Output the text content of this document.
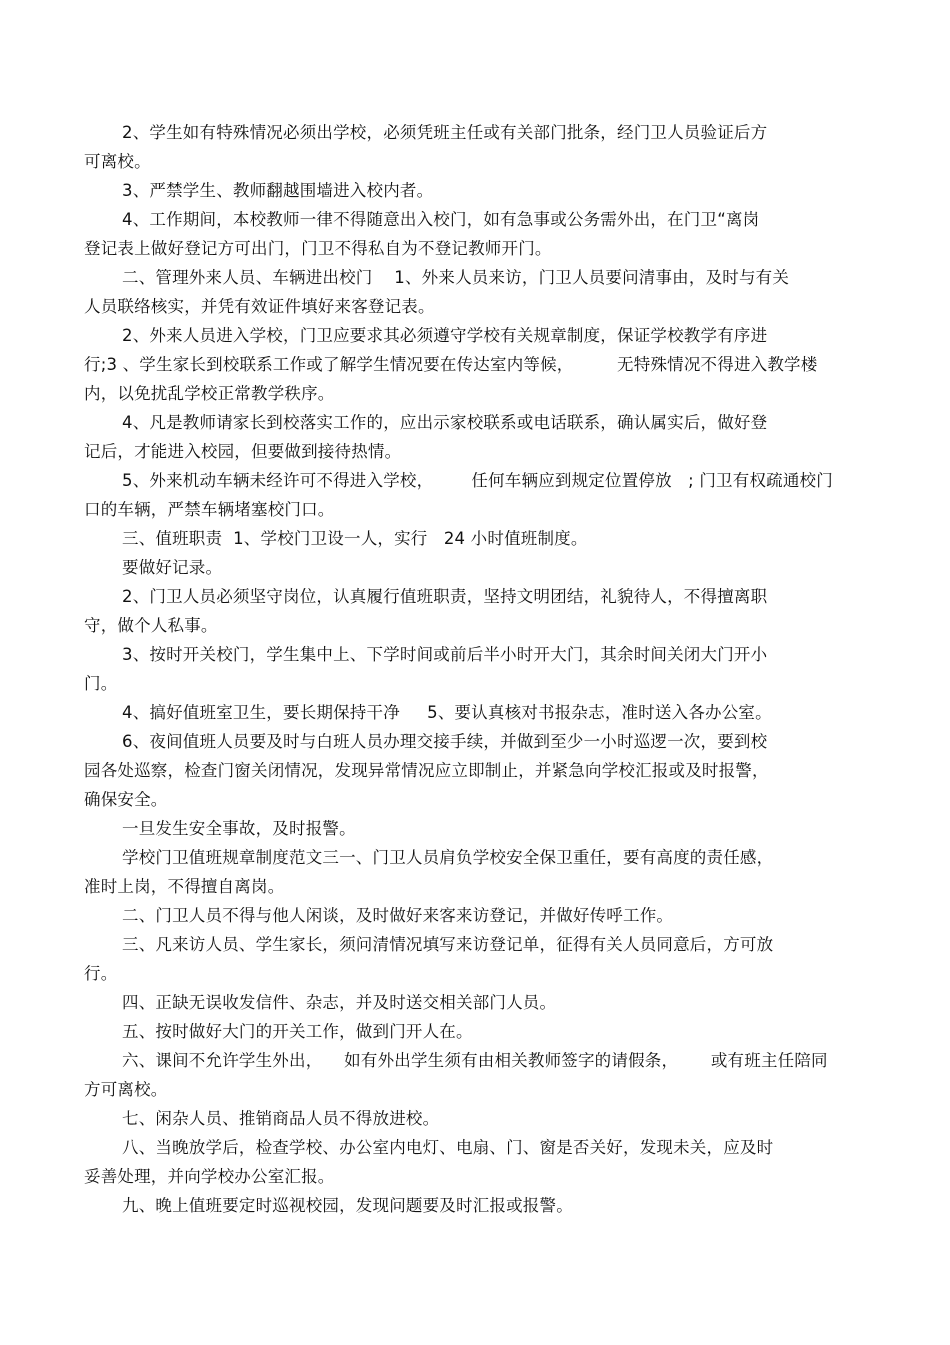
2、学生如有特殊情况必须出学校，必须凭班主任或有关部门批条，经门卫人员验证后方
可离校。
3、严禁学生、教师翻越围墙进入校内者。
4、工作期间，本校教师一律不得随意出入校门，如有急事或公务需外出，在门卫“离岗
登记表上做好登记方可出门，门卫不得私自为不登记教师开门。
二、管理外来人员、车辆进出校门    1、外来人员来访，门卫人员要问清事由，及时与有关
人员联络核实，并凭有效证件填好来客登记表。
2、外来人员进入学校，门卫应要求其必须遵守学校有关规章制度，保证学校教学有序进
行;3 、学生家长到校联系工作或了解学生情况要在传达室内等候，        无特殊情况不得进入教学楼
内，以免扰乱学校正常教学秩序。
4、凡是教师请家长到校落实工作的，应出示家校联系或电话联系，确认属实后，做好登
记后，才能进入校园，但要做到接待热情。
5、外来机动车辆未经许可不得进入学校，       任何车辆应到规定位置停放   ; 门卫有权疏通校门
口的车辆，严禁车辆堵塞校门口。
三、值班职责  1、学校门卫设一人，实行   24 小时值班制度。
要做好记录。
2、门卫人员必须坚守岗位，认真履行值班职责，坚持文明团结，礼貌待人，不得擅离职
守，做个人私事。
3、按时开关校门，学生集中上、下学时间或前后半小时开大门，其余时间关闭大门开小
门。
4、搞好值班室卫生，要长期保持干净     5、要认真核对书报杂志，准时送入各办公室。
6、夜间值班人员要及时与白班人员办理交接手续，并做到至少一小时巡逻一次，要到校
园各处巡察，检查门窗关闭情况，发现异常情况应立即制止，并紧急向学校汇报或及时报警，
确保安全。
一旦发生安全事故，及时报警。
学校门卫值班规章制度范文三一、门卫人员肩负学校安全保卫重任，要有高度的责任感，
准时上岗，不得擅自离岗。
二、门卫人员不得与他人闲谈，及时做好来客来访登记，并做好传呼工作。
三、凡来访人员、学生家长，须问清情况填写来访登记单，征得有关人员同意后，方可放
行。
四、正缺无误收发信件、杂志，并及时送交相关部门人员。
五、按时做好大门的开关工作，做到门开人在。
六、课间不允许学生外出，    如有外出学生须有由相关教师签字的请假条，      或有班主任陪同
方可离校。
七、闲杂人员、推销商品人员不得放进校。
八、当晚放学后，检查学校、办公室内电灯、电扇、门、窗是否关好，发现未关，应及时
妥善处理，并向学校办公室汇报。
九、晚上值班要定时巡视校园，发现问题要及时汇报或报警。
